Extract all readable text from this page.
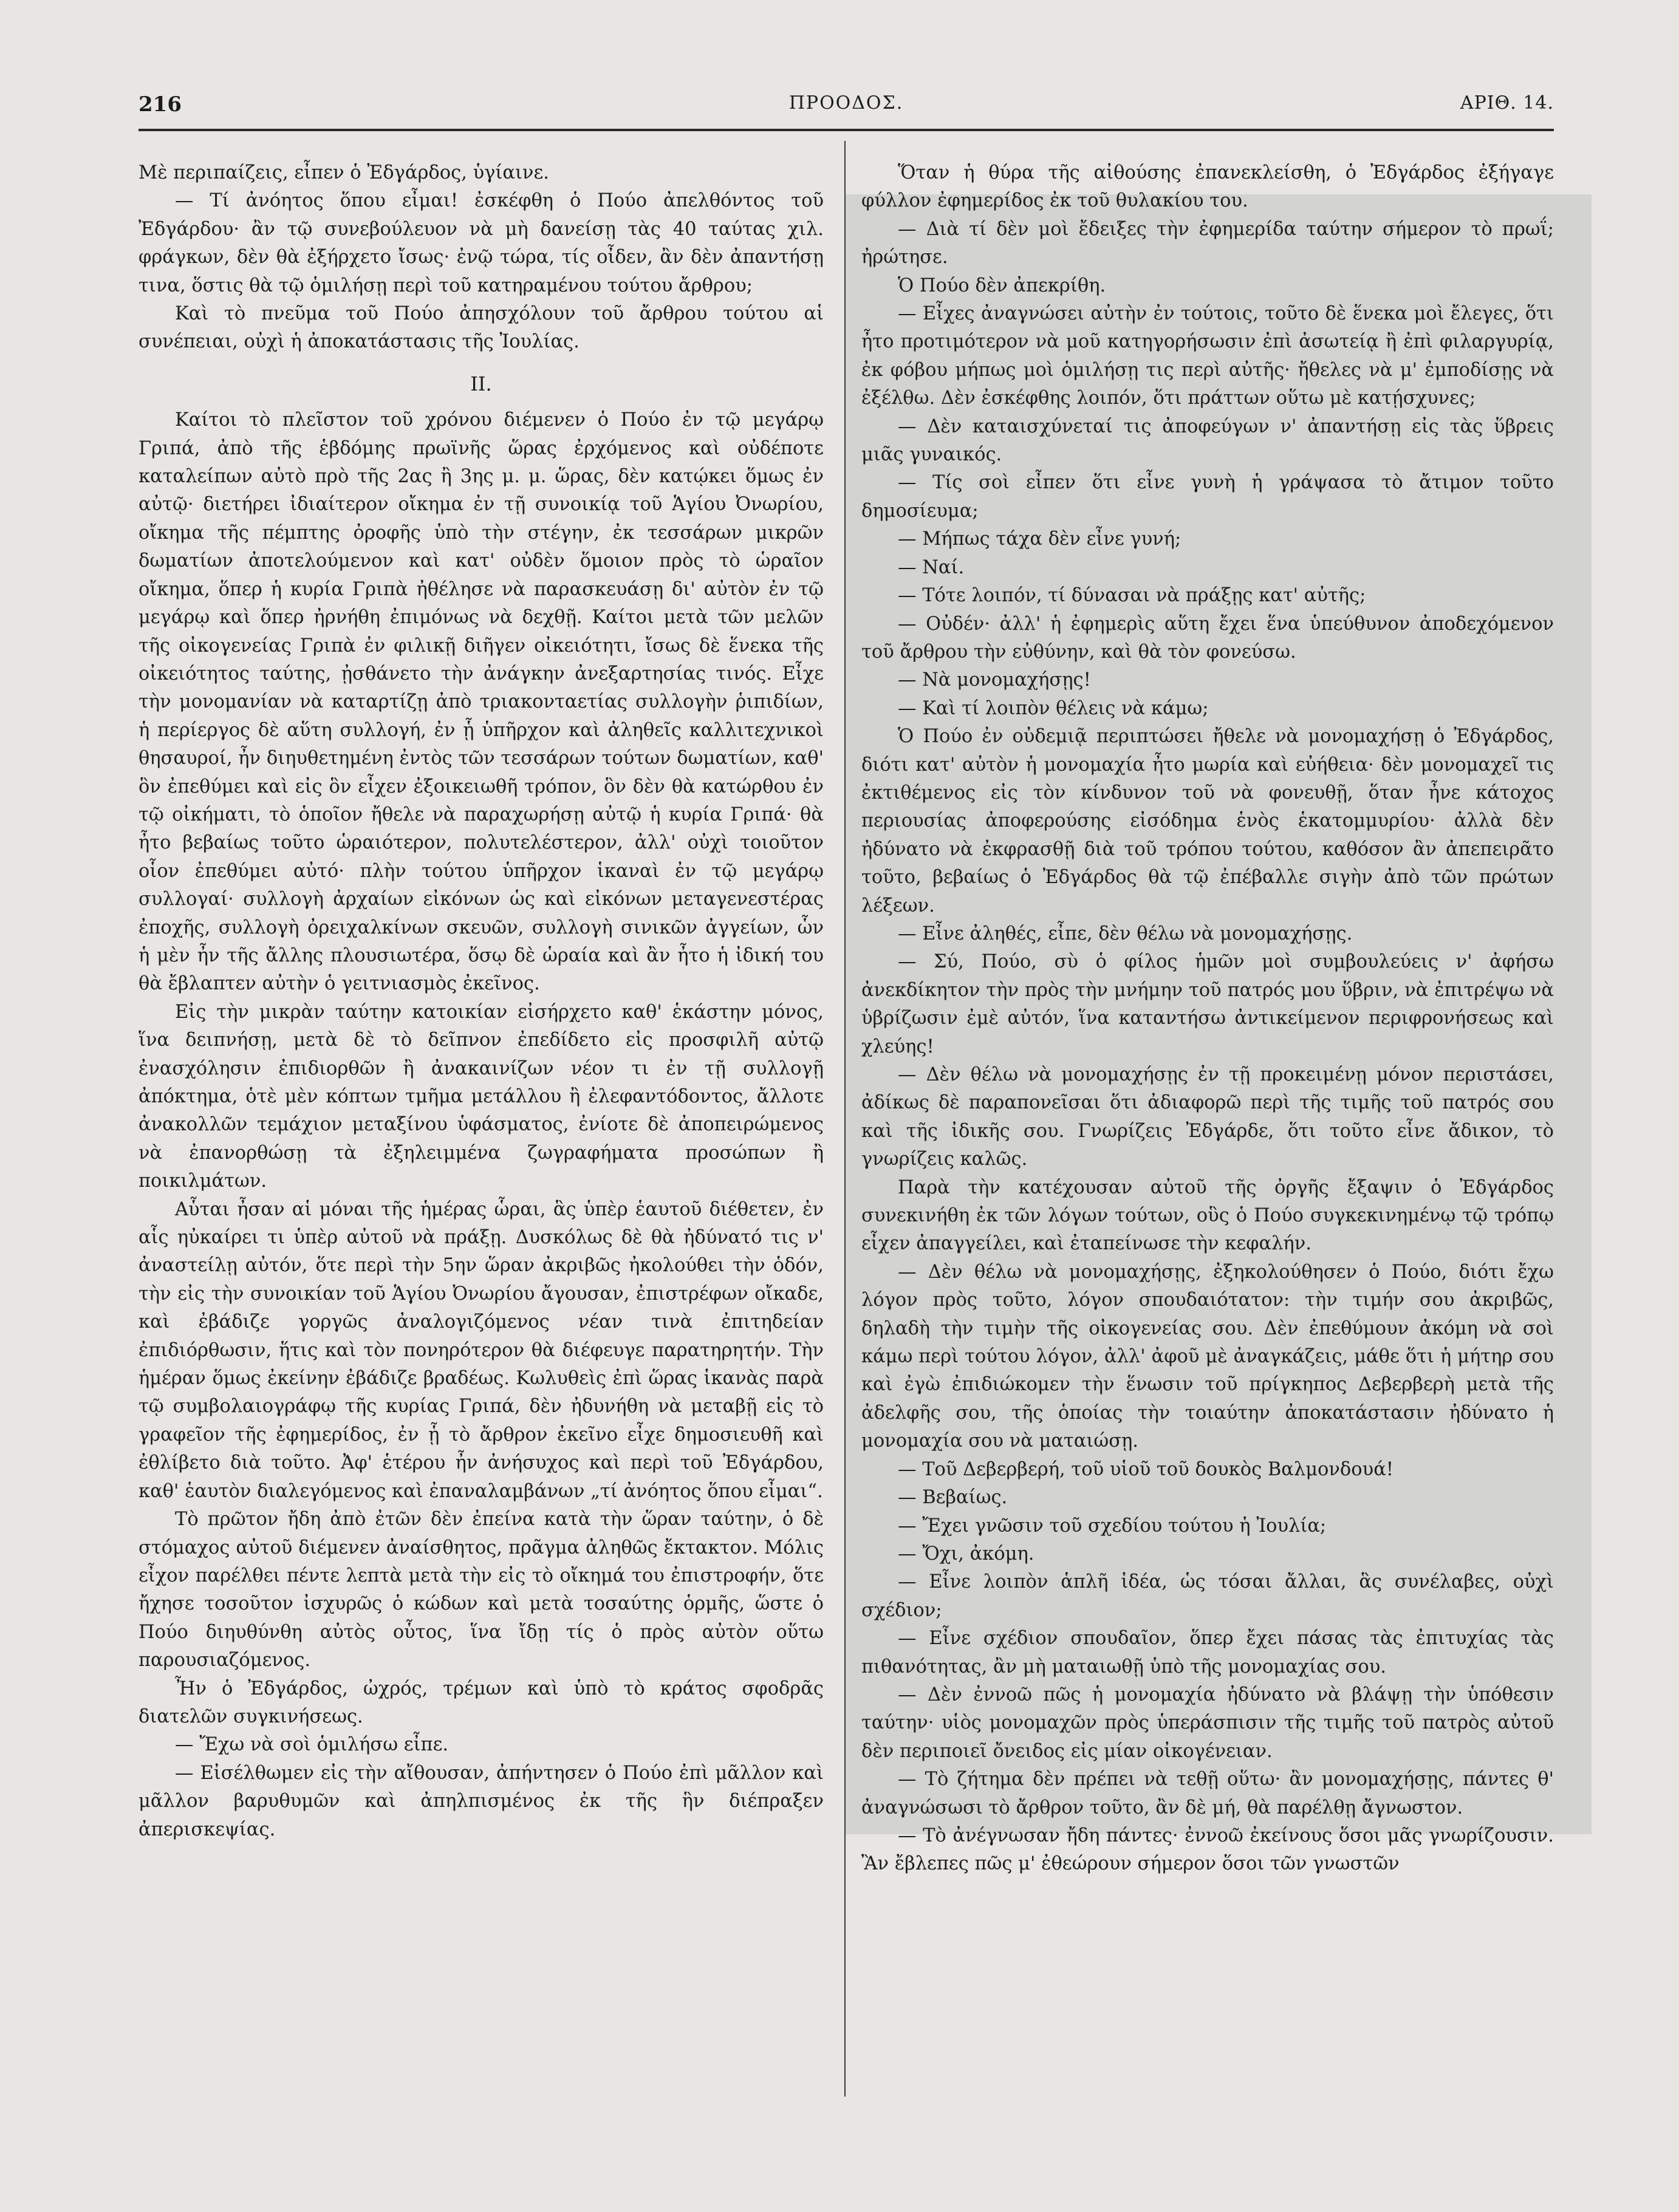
216	ΠΡΟΟΔΟΣ.	ΑΡΙΘ. 14.

Μὲ περιπαίζεις, εἶπεν ὁ Ἐδγάρδος, ὑγίαινε.

— Τί ἀνόητος ὅπου εἶμαι! ἐσκέφθη ὁ Πούο ἀπελθόντος τοῦ Ἐδγάρδου· ἂν τῷ συνεβούλευον νὰ μὴ δανείσῃ τὰς 40 ταύτας χιλ. φράγκων, δὲν θὰ ἐξήρχετο ἴσως· ἐνῷ τώρα, τίς οἶδεν, ἂν δὲν ἀπαντήσῃ τινα, ὅστις θὰ τῷ ὁμιλήσῃ περὶ τοῦ κατηραμένου τούτου ἄρθρου;

Καὶ τὸ πνεῦμα τοῦ Πούο ἀπησχόλουν τοῦ ἄρθρου τούτου αἱ συνέπειαι, οὐχὶ ἡ ἀποκατάστασις τῆς Ἰουλίας.

ΙΙ.

Καίτοι τὸ πλεῖστον τοῦ χρόνου διέμενεν ὁ Πούο ἐν τῷ μεγάρῳ Γριπά, ἀπὸ τῆς ἑβδόμης πρωϊνῆς ὥρας ἐρχόμενος καὶ οὐδέποτε καταλείπων αὐτὸ πρὸ τῆς 2ας ἢ 3ης μ. μ. ὥρας, δὲν κατῴκει ὅμως ἐν αὐτῷ· διετήρει ἰδιαίτερον οἴκημα ἐν τῇ συνοικίᾳ τοῦ Ἁγίου Ὀνωρίου, οἴκημα τῆς πέμπτης ὀροφῆς ὑπὸ τὴν στέγην, ἐκ τεσσάρων μικρῶν δωματίων ἀποτελούμενον καὶ κατ' οὐδὲν ὅμοιον πρὸς τὸ ὡραῖον οἴκημα, ὅπερ ἡ κυρία Γριπὰ ἠθέλησε νὰ παρασκευάσῃ δι' αὐτὸν ἐν τῷ μεγάρῳ καὶ ὅπερ ἠρνήθη ἐπιμόνως νὰ δεχθῇ. Καίτοι μετὰ τῶν μελῶν τῆς οἰκογενείας Γριπὰ ἐν φιλικῇ διῆγεν οἰκειότητι, ἴσως δὲ ἕνεκα τῆς οἰκειότητος ταύτης, ᾐσθάνετο τὴν ἀνάγκην ἀνεξαρτησίας τινός. Εἶχε τὴν μονομανίαν νὰ καταρτίζῃ ἀπὸ τριακονταετίας συλλογὴν ῥιπιδίων, ἡ περίεργος δὲ αὕτη συλλογή, ἐν ᾗ ὑπῆρχον καὶ ἀληθεῖς καλλιτεχνικοὶ θησαυροί, ἦν διηυθετημένη ἐντὸς τῶν τεσσάρων τούτων δωματίων, καθ' ὃν ἐπεθύμει καὶ εἰς ὃν εἶχεν ἐξοικειωθῆ τρόπον, ὃν δὲν θὰ κατώρθου ἐν τῷ οἰκήματι, τὸ ὁποῖον ἤθελε νὰ παραχωρήσῃ αὐτῷ ἡ κυρία Γριπά· θὰ ἦτο βεβαίως τοῦτο ὡραιότερον, πολυτελέστερον, ἀλλ' οὐχὶ τοιοῦτον οἷον ἐπεθύμει αὐτό· πλὴν τούτου ὑπῆρχον ἱκαναὶ ἐν τῷ μεγάρῳ συλλογαί· συλλογὴ ἀρχαίων εἰκόνων ὡς καὶ εἰκόνων μεταγενεστέρας ἐποχῆς, συλλογὴ ὀρειχαλκίνων σκευῶν, συλλογὴ σινικῶν ἀγγείων, ὧν ἡ μὲν ἦν τῆς ἄλλης πλουσιωτέρα, ὅσῳ δὲ ὡραία καὶ ἂν ἦτο ἡ ἰδική του θὰ ἔβλαπτεν αὐτὴν ὁ γειτνιασμὸς ἐκεῖνος.

Εἰς τὴν μικρὰν ταύτην κατοικίαν εἰσήρχετο καθ' ἑκάστην μόνος, ἵνα δειπνήσῃ, μετὰ δὲ τὸ δεῖπνον ἐπεδίδετο εἰς προσφιλῆ αὐτῷ ἐνασχόλησιν ἐπιδιορθῶν ἢ ἀνακαινίζων νέον τι ἐν τῇ συλλογῇ ἀπόκτημα, ὁτὲ μὲν κόπτων τμῆμα μετάλλου ἢ ἐλεφαντόδοντος, ἄλλοτε ἀνακολλῶν τεμάχιον μεταξίνου ὑφάσματος, ἐνίοτε δὲ ἀποπειρώμενος νὰ ἐπανορθώσῃ τὰ ἐξηλειμμένα ζωγραφήματα προσώπων ἢ ποικιλμάτων.

Αὗται ἦσαν αἱ μόναι τῆς ἡμέρας ὧραι, ἃς ὑπὲρ ἑαυτοῦ διέθετεν, ἐν αἷς ηὐκαίρει τι ὑπὲρ αὐτοῦ νὰ πράξῃ. Δυσκόλως δὲ θὰ ἠδύνατό τις ν' ἀναστείλῃ αὐτόν, ὅτε περὶ τὴν 5ην ὥραν ἀκριβῶς ἠκολούθει τὴν ὁδόν, τὴν εἰς τὴν συνοικίαν τοῦ Ἁγίου Ὀνωρίου ἄγουσαν, ἐπιστρέφων οἴκαδε, καὶ ἐβάδιζε γοργῶς ἀναλογιζόμενος νέαν τινὰ ἐπιτηδείαν ἐπιδιόρθωσιν, ἥτις καὶ τὸν πονηρότερον θὰ διέφευγε παρατηρητήν. Τὴν ἡμέραν ὅμως ἐκείνην ἐβάδιζε βραδέως. Κωλυθεὶς ἐπὶ ὥρας ἱκανὰς παρὰ τῷ συμβολαιογράφῳ τῆς κυρίας Γριπά, δὲν ἠδυνήθη νὰ μεταβῇ εἰς τὸ γραφεῖον τῆς ἐφημερίδος, ἐν ᾗ τὸ ἄρθρον ἐκεῖνο εἶχε δημοσιευθῆ καὶ ἐθλίβετο διὰ τοῦτο. Ἀφ' ἑτέρου ἦν ἀνήσυχος καὶ περὶ τοῦ Ἐδγάρδου, καθ' ἑαυτὸν διαλεγόμενος καὶ ἐπαναλαμβάνων „τί ἀνόητος ὅπου εἶμαι“.

Τὸ πρῶτον ἤδη ἀπὸ ἐτῶν δὲν ἐπείνα κατὰ τὴν ὥραν ταύτην, ὁ δὲ στόμαχος αὐτοῦ διέμενεν ἀναίσθητος, πρᾶγμα ἀληθῶς ἔκτακτον. Μόλις εἶχον παρέλθει πέντε λεπτὰ μετὰ τὴν εἰς τὸ οἴκημά του ἐπιστροφήν, ὅτε ἤχησε τοσοῦτον ἰσχυρῶς ὁ κώδων καὶ μετὰ τοσαύτης ὁρμῆς, ὥστε ὁ Πούο διηυθύνθη αὐτὸς οὗτος, ἵνα ἴδῃ τίς ὁ πρὸς αὐτὸν οὕτω παρουσιαζόμενος.

Ἦν ὁ Ἐδγάρδος, ὠχρός, τρέμων καὶ ὑπὸ τὸ κράτος σφοδρᾶς διατελῶν συγκινήσεως.

— Ἔχω νὰ σοὶ ὁμιλήσω εἶπε.

— Εἰσέλθωμεν εἰς τὴν αἴθουσαν, ἀπήντησεν ὁ Πούο ἐπὶ μᾶλλον καὶ μᾶλλον βαρυθυμῶν καὶ ἀπηλπισμένος ἐκ τῆς ἣν διέπραξεν ἀπερισκεψίας.

Ὅταν ἡ θύρα τῆς αἰθούσης ἐπανεκλείσθη, ὁ Ἐδγάρδος ἐξήγαγε φύλλον ἐφημερίδος ἐκ τοῦ θυλακίου του.

— Διὰ τί δὲν μοὶ ἔδειξες τὴν ἐφημερίδα ταύτην σήμερον τὸ πρωΐ; ἠρώτησε.

Ὁ Πούο δὲν ἀπεκρίθη.

— Εἶχες ἀναγνώσει αὐτὴν ἐν τούτοις, τοῦτο δὲ ἕνεκα μοὶ ἔλεγες, ὅτι ἦτο προτιμότερον νὰ μοῦ κατηγορήσωσιν ἐπὶ ἀσωτείᾳ ἢ ἐπὶ φιλαργυρίᾳ, ἐκ φόβου μήπως μοὶ ὁμιλήσῃ τις περὶ αὐτῆς· ἤθελες νὰ μ' ἐμποδίσῃς νὰ ἐξέλθω. Δὲν ἐσκέφθης λοιπόν, ὅτι πράττων οὕτω μὲ κατῄσχυνες;

— Δὲν καταισχύνεταί τις ἀποφεύγων ν' ἀπαντήσῃ εἰς τὰς ὕβρεις μιᾶς γυναικός.

— Τίς σοὶ εἶπεν ὅτι εἶνε γυνὴ ἡ γράψασα τὸ ἄτιμον τοῦτο δημοσίευμα;

— Μήπως τάχα δὲν εἶνε γυνή;

— Ναί.

— Τότε λοιπόν, τί δύνασαι νὰ πράξῃς κατ' αὐτῆς;

— Οὐδέν· ἀλλ' ἡ ἐφημερὶς αὕτη ἔχει ἕνα ὑπεύθυνον ἀποδεχόμενον τοῦ ἄρθρου τὴν εὐθύνην, καὶ θὰ τὸν φονεύσω.

— Νὰ μονομαχήσῃς!

— Καὶ τί λοιπὸν θέλεις νὰ κάμω;

Ὁ Πούο ἐν οὐδεμιᾷ περιπτώσει ἤθελε νὰ μονομαχήσῃ ὁ Ἐδγάρδος, διότι κατ' αὐτὸν ἡ μονομαχία ἦτο μωρία καὶ εὐήθεια· δὲν μονομαχεῖ τις ἐκτιθέμενος εἰς τὸν κίνδυνον τοῦ νὰ φονευθῇ, ὅταν ἦνε κάτοχος περιουσίας ἀποφερούσης εἰσόδημα ἑνὸς ἑκατομμυρίου· ἀλλὰ δὲν ἠδύνατο νὰ ἐκφρασθῇ διὰ τοῦ τρόπου τούτου, καθόσον ἂν ἀπεπειρᾶτο τοῦτο, βεβαίως ὁ Ἐδγάρδος θὰ τῷ ἐπέβαλλε σιγὴν ἀπὸ τῶν πρώτων λέξεων.

— Εἶνε ἀληθές, εἶπε, δὲν θέλω νὰ μονομαχήσῃς.

— Σύ, Πούο, σὺ ὁ φίλος ἡμῶν μοὶ συμβουλεύεις ν' ἀφήσω ἀνεκδίκητον τὴν πρὸς τὴν μνήμην τοῦ πατρός μου ὕβριν, νὰ ἐπιτρέψω νὰ ὑβρίζωσιν ἐμὲ αὐτόν, ἵνα καταντήσω ἀντικείμενον περιφρονήσεως καὶ χλεύης!

— Δὲν θέλω νὰ μονομαχήσῃς ἐν τῇ προκειμένῃ μόνον περιστάσει, ἀδίκως δὲ παραπονεῖσαι ὅτι ἀδιαφορῶ περὶ τῆς τιμῆς τοῦ πατρός σου καὶ τῆς ἰδικῆς σου. Γνωρίζεις Ἐδγάρδε, ὅτι τοῦτο εἶνε ἄδικον, τὸ γνωρίζεις καλῶς.

Παρὰ τὴν κατέχουσαν αὐτοῦ τῆς ὀργῆς ἔξαψιν ὁ Ἐδγάρδος συνεκινήθη ἐκ τῶν λόγων τούτων, οὓς ὁ Πούο συγκεκινημένῳ τῷ τρόπῳ εἶχεν ἀπαγγείλει, καὶ ἐταπείνωσε τὴν κεφαλήν.

— Δὲν θέλω νὰ μονομαχήσῃς, ἐξηκολούθησεν ὁ Πούο, διότι ἔχω λόγον πρὸς τοῦτο, λόγον σπουδαιότατον: τὴν τιμήν σου ἀκριβῶς, δηλαδὴ τὴν τιμὴν τῆς οἰκογενείας σου. Δὲν ἐπεθύμουν ἀκόμη νὰ σοὶ κάμω περὶ τούτου λόγον, ἀλλ' ἀφοῦ μὲ ἀναγκάζεις, μάθε ὅτι ἡ μήτηρ σου καὶ ἐγὼ ἐπιδιώκομεν τὴν ἕνωσιν τοῦ πρίγκηπος Δεβερβερὴ μετὰ τῆς ἀδελφῆς σου, τῆς ὁποίας τὴν τοιαύτην ἀποκατάστασιν ἠδύνατο ἡ μονομαχία σου νὰ ματαιώσῃ.

— Τοῦ Δεβερβερή, τοῦ υἱοῦ τοῦ δουκὸς Βαλμονδουά!

— Βεβαίως.

— Ἔχει γνῶσιν τοῦ σχεδίου τούτου ἡ Ἰουλία;

— Ὄχι, ἀκόμη.

— Εἶνε λοιπὸν ἁπλῆ ἰδέα, ὡς τόσαι ἄλλαι, ἃς συνέλαβες, οὐχὶ σχέδιον;

— Εἶνε σχέδιον σπουδαῖον, ὅπερ ἔχει πάσας τὰς ἐπιτυχίας τὰς πιθανότητας, ἂν μὴ ματαιωθῇ ὑπὸ τῆς μονομαχίας σου.

— Δὲν ἐννοῶ πῶς ἡ μονομαχία ἠδύνατο νὰ βλάψῃ τὴν ὑπόθεσιν ταύτην· υἱὸς μονομαχῶν πρὸς ὑπεράσπισιν τῆς τιμῆς τοῦ πατρὸς αὐτοῦ δὲν περιποιεῖ ὄνειδος εἰς μίαν οἰκογένειαν.

— Τὸ ζήτημα δὲν πρέπει νὰ τεθῇ οὕτω· ἂν μονομαχήσῃς, πάντες θ' ἀναγνώσωσι τὸ ἄρθρον τοῦτο, ἂν δὲ μή, θὰ παρέλθῃ ἄγνωστον.

— Τὸ ἀνέγνωσαν ἤδη πάντες· ἐννοῶ ἐκείνους ὅσοι μᾶς γνωρίζουσιν. Ἂν ἔβλεπες πῶς μ' ἐθεώρουν σήμερον ὅσοι τῶν γνωστῶν
